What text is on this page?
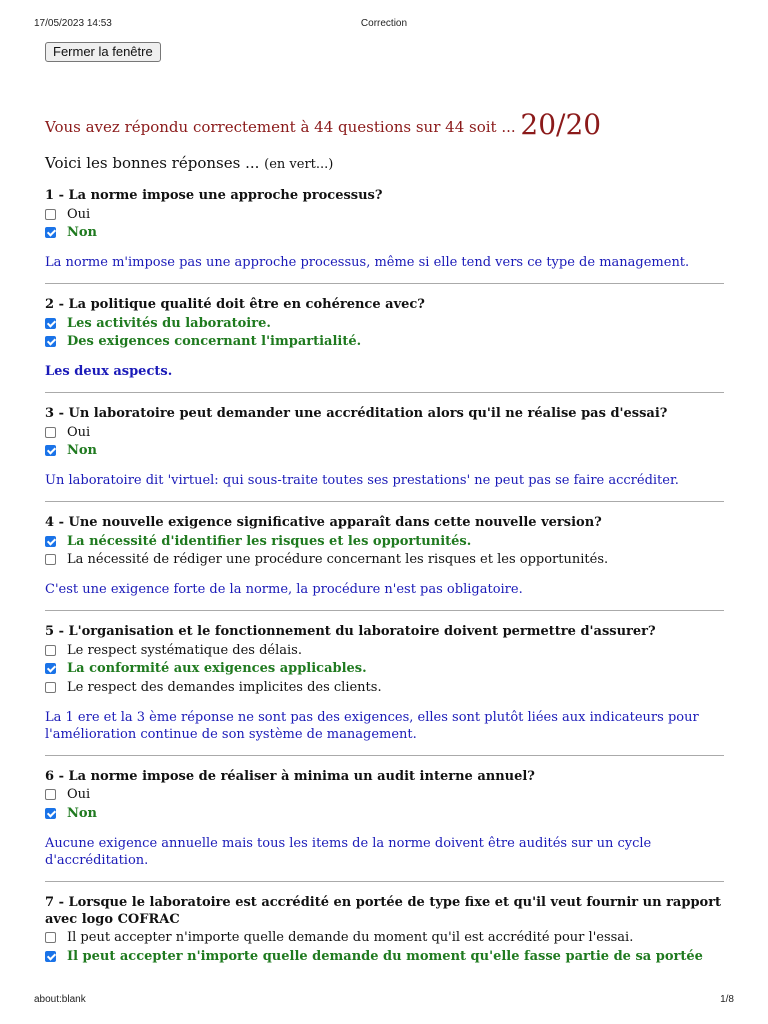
17/05/2023 14:53	Correction
Fermer la fenêtre
Vous avez répondu correctement à 44 questions sur 44 soit ... 20/20
Voici les bonnes réponses ... (en vert...)
1 - La norme impose une approche processus?
Oui
Non
La norme m'impose pas une approche processus, même si elle tend vers ce type de management.
2 - La politique qualité doit être en cohérence avec?
Les activités du laboratoire.
Des exigences concernant l'impartialité.
Les deux aspects.
3 - Un laboratoire peut demander une accréditation alors qu'il ne réalise pas d'essai?
Oui
Non
Un laboratoire dit 'virtuel: qui sous-traite toutes ses prestations' ne peut pas se faire accréditer.
4 - Une nouvelle exigence significative apparaît dans cette nouvelle version?
La nécessité d'identifier les risques et les opportunités.
La nécessité de rédiger une procédure concernant les risques et les opportunités.
C'est une exigence forte de la norme, la procédure n'est pas obligatoire.
5 - L'organisation et le fonctionnement du laboratoire doivent permettre d'assurer?
Le respect systématique des délais.
La conformité aux exigences applicables.
Le respect des demandes implicites des clients.
La 1 ere et la 3 ème réponse ne sont pas des exigences, elles sont plutôt liées aux indicateurs pour l'amélioration continue de son système de management.
6 - La norme impose de réaliser à minima un audit interne annuel?
Oui
Non
Aucune exigence annuelle mais tous les items de la norme doivent être audités sur un cycle d'accréditation.
7 - Lorsque le laboratoire est accrédité en portée de type fixe et qu'il veut fournir un rapport avec logo COFRAC
Il peut accepter n'importe quelle demande du moment qu'il est accrédité pour l'essai.
Il peut accepter n'importe quelle demande du moment qu'elle fasse partie de sa portée
about:blank	1/8
